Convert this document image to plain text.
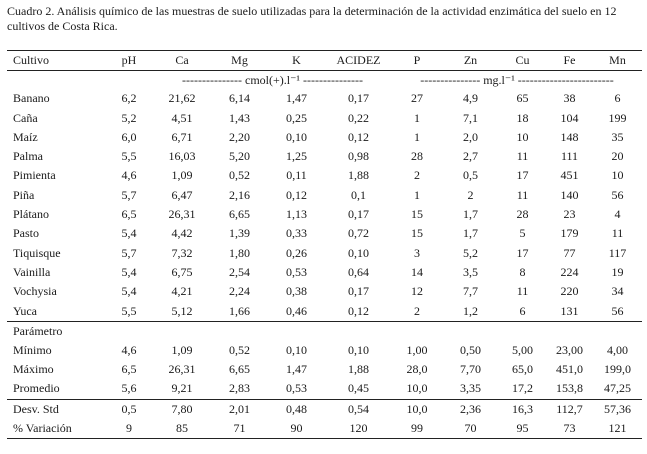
Cuadro 2. Análisis químico de las muestras de suelo utilizadas para la determinación de la actividad enzimática del suelo en 12 cultivos de Costa Rica.
Cultivo	pH	Ca	Mg	K	ACIDEZ	P	Zn	Cu	Fe	Mn
		--------------- cmol(+).l⁻¹ ---------------				--------------- mg.l⁻¹ ------------------------				
Banano	6,2	21,62	6,14	1,47	0,17	27	4,9	65	38	6
Caña	5,2	4,51	1,43	0,25	0,22	1	7,1	18	104	199
Maíz	6,0	6,71	2,20	0,10	0,12	1	2,0	10	148	35
Palma	5,5	16,03	5,20	1,25	0,98	28	2,7	11	111	20
Pimienta	4,6	1,09	0,52	0,11	1,88	2	0,5	17	451	10
Piña	5,7	6,47	2,16	0,12	0,1	1	2	11	140	56
Plátano	6,5	26,31	6,65	1,13	0,17	15	1,7	28	23	4
Pasto	5,4	4,42	1,39	0,33	0,72	15	1,7	5	179	11
Tiquisque	5,7	7,32	1,80	0,26	0,10	3	5,2	17	77	117
Vainilla	5,4	6,75	2,54	0,53	0,64	14	3,5	8	224	19
Vochysia	5,4	4,21	2,24	0,38	0,17	12	7,7	11	220	34
Yuca	5,5	5,12	1,66	0,46	0,12	2	1,2	6	131	56
Parámetro										
Mínimo	4,6	1,09	0,52	0,10	0,10	1,00	0,50	5,00	23,00	4,00
Máximo	6,5	26,31	6,65	1,47	1,88	28,0	7,70	65,0	451,0	199,0
Promedio	5,6	9,21	2,83	0,53	0,45	10,0	3,35	17,2	153,8	47,25
Desv. Std	0,5	7,80	2,01	0,48	0,54	10,0	2,36	16,3	112,7	57,36
% Variación	9	85	71	90	120	99	70	95	73	121
